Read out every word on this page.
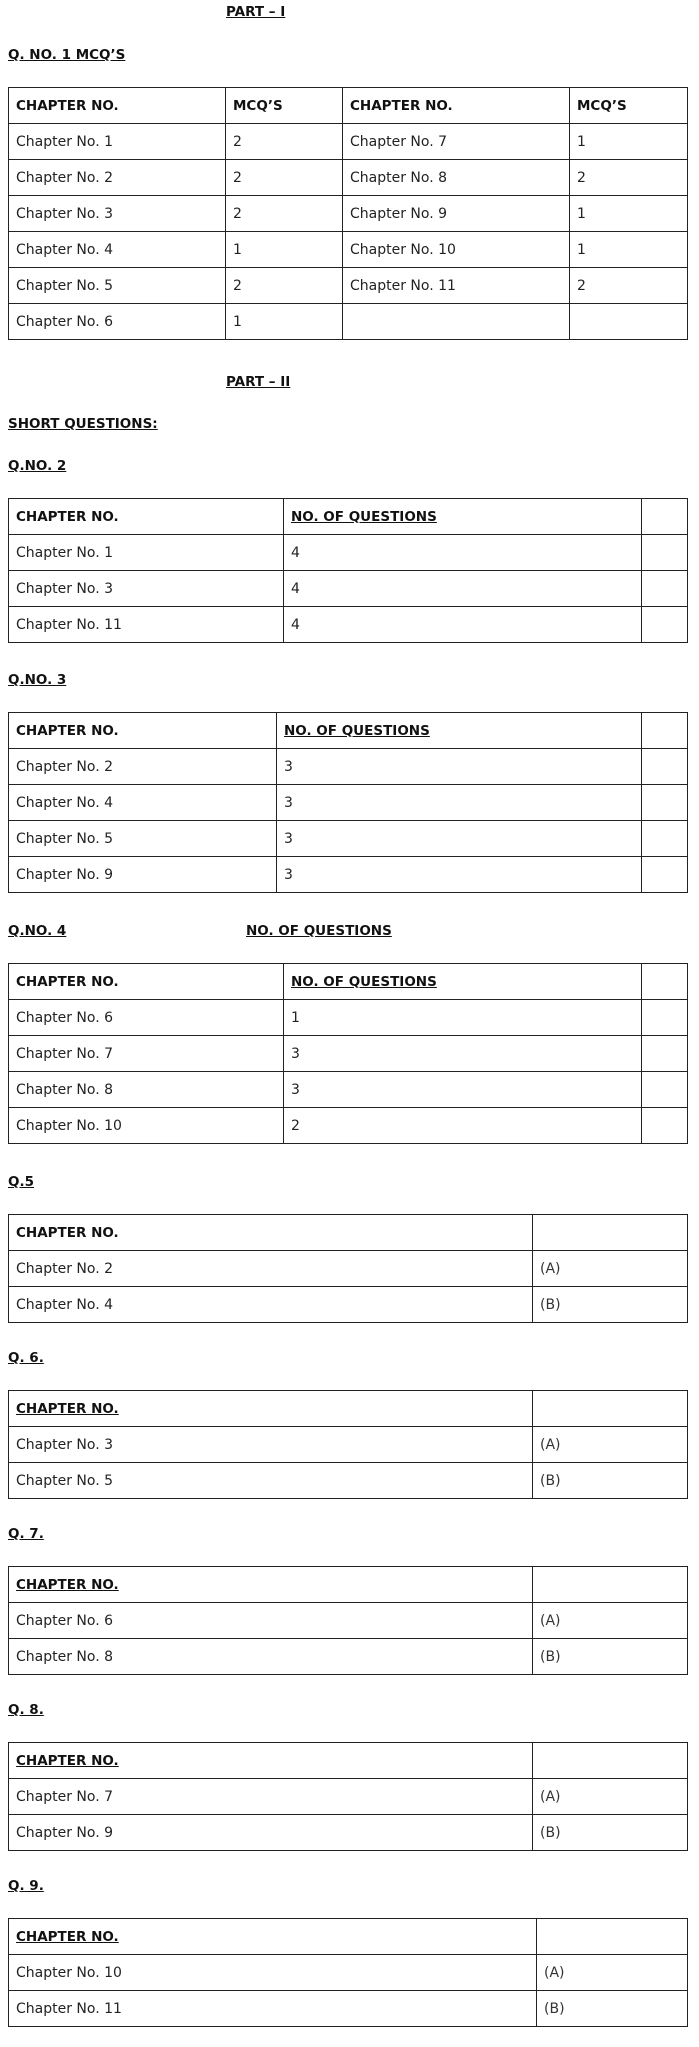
PART – I
Q. NO. 1 MCQ’S
CHAPTER NO.	MCQ’S	CHAPTER NO.	MCQ’S
Chapter No. 1	2	Chapter No. 7	1
Chapter No. 2	2	Chapter No. 8	2
Chapter No. 3	2	Chapter No. 9	1
Chapter No. 4	1	Chapter No. 10	1
Chapter No. 5	2	Chapter No. 11	2
Chapter No. 6	1		
PART – II
SHORT QUESTIONS:
Q.NO. 2
CHAPTER NO.	NO. OF QUESTIONS	
Chapter No. 1	4	
Chapter No. 3	4	
Chapter No. 11	4	
Q.NO. 3
CHAPTER NO.	NO. OF QUESTIONS	
Chapter No. 2	3	
Chapter No. 4	3	
Chapter No. 5	3	
Chapter No. 9	3	
Q.NO. 4	NO. OF QUESTIONS
CHAPTER NO.	NO. OF QUESTIONS	
Chapter No. 6	1	
Chapter No. 7	3	
Chapter No. 8	3	
Chapter No. 10	2	
Q.5
CHAPTER NO.	
Chapter No. 2	(A)
Chapter No. 4	(B)
Q. 6.
CHAPTER NO.	
Chapter No. 3	(A)
Chapter No. 5	(B)
Q. 7.
CHAPTER NO.	
Chapter No. 6	(A)
Chapter No. 8	(B)
Q. 8.
CHAPTER NO.	
Chapter No. 7	(A)
Chapter No. 9	(B)
Q. 9.
CHAPTER NO.	
Chapter No. 10	(A)
Chapter No. 11	(B)
